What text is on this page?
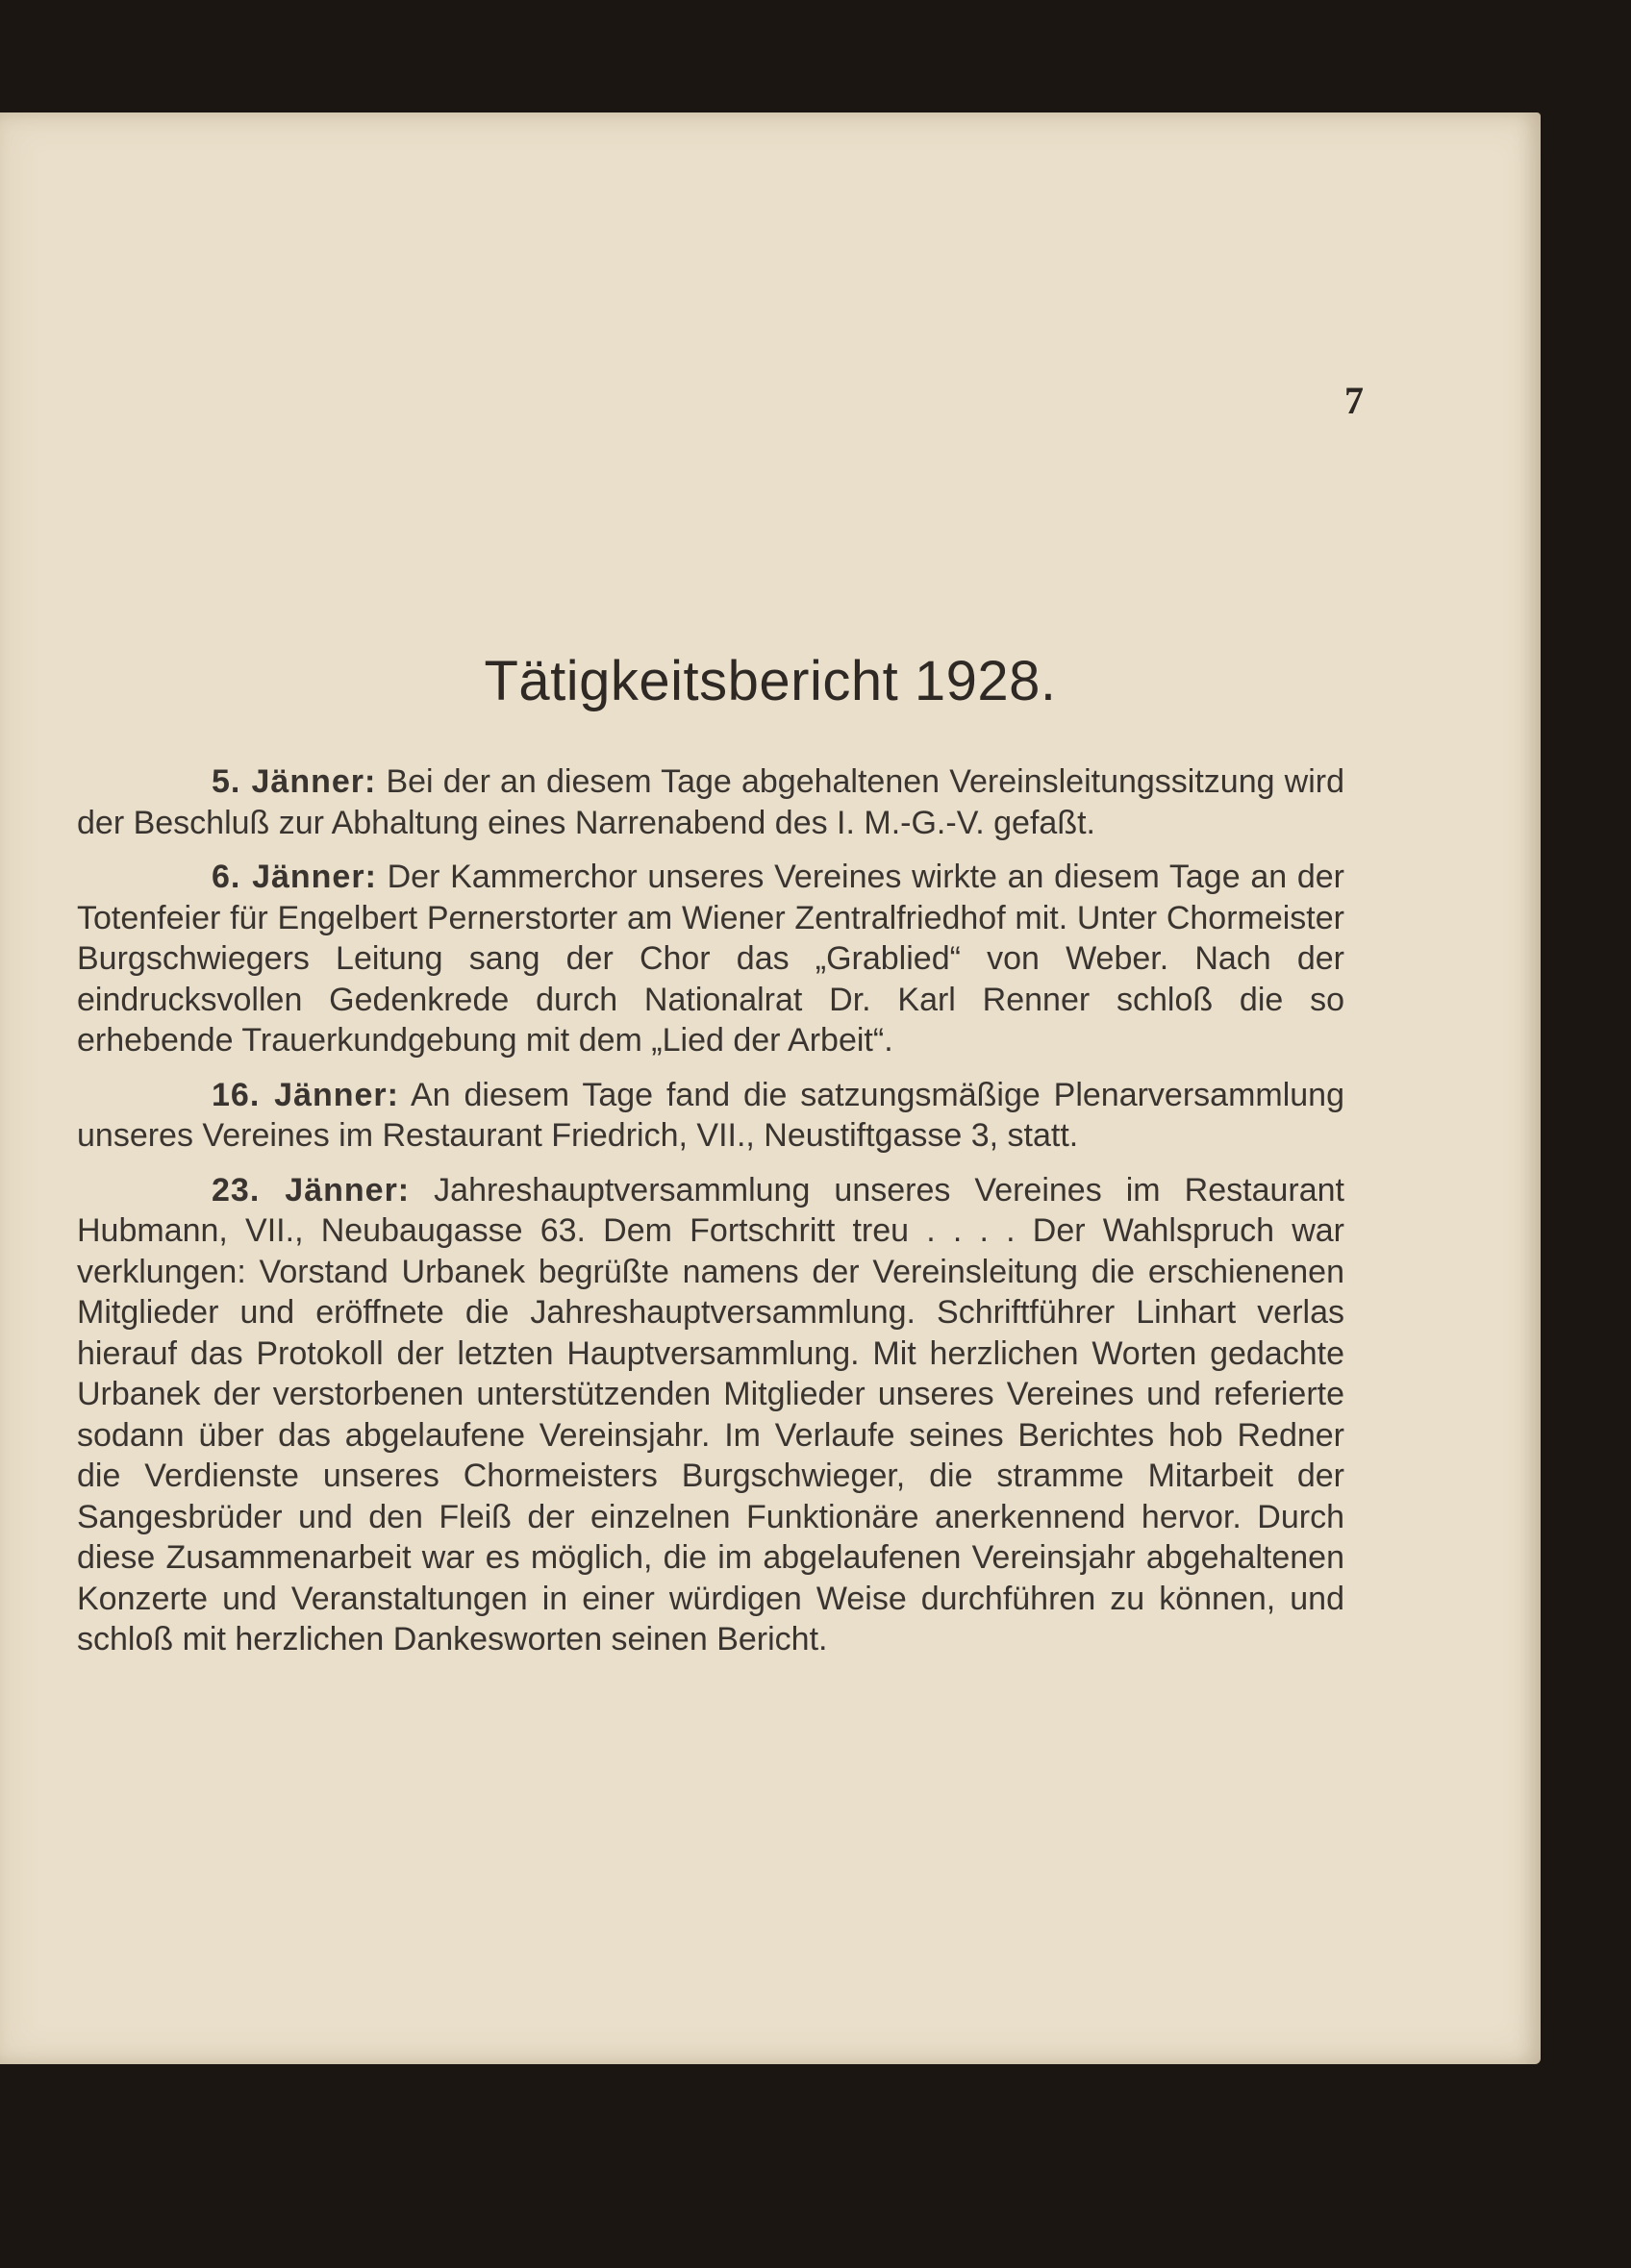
7
Tätigkeitsbericht 1928.

5. Jänner: Bei der an diesem Tage abgehaltenen Vereinsleitungssitzung wird der Beschluß zur Abhaltung eines Narrenabend des I. M.-G.-V. gefaßt.

6. Jänner: Der Kammerchor unseres Vereines wirkte an diesem Tage an der Totenfeier für Engelbert Pernerstorter am Wiener Zentralfriedhof mit. Unter Chormeister Burgschwiegers Leitung sang der Chor das „Grablied“ von Weber. Nach der eindrucksvollen Gedenkrede durch Nationalrat Dr. Karl Renner schloß die so erhebende Trauerkundgebung mit dem „Lied der Arbeit“.

16. Jänner: An diesem Tage fand die satzungsmäßige Plenarversammlung unseres Vereines im Restaurant Friedrich, VII., Neustiftgasse 3, statt.

23. Jänner: Jahreshauptversammlung unseres Vereines im Restaurant Hubmann, VII., Neubaugasse 63. Dem Fortschritt treu . . . . Der Wahlspruch war verklungen: Vorstand Urbanek begrüßte namens der Vereinsleitung die erschienenen Mitglieder und eröffnete die Jahreshauptversammlung. Schriftführer Linhart verlas hierauf das Protokoll der letzten Hauptversammlung. Mit herzlichen Worten gedachte Urbanek der verstorbenen unterstützenden Mitglieder unseres Vereines und referierte sodann über das abgelaufene Vereinsjahr. Im Verlaufe seines Berichtes hob Redner die Verdienste unseres Chormeisters Burgschwieger, die stramme Mitarbeit der Sangesbrüder und den Fleiß der einzelnen Funktionäre anerkennend hervor. Durch diese Zusammenarbeit war es möglich, die im abgelaufenen Vereinsjahr abgehaltenen Konzerte und Veranstaltungen in einer würdigen Weise durchführen zu können, und schloß mit herzlichen Dankesworten seinen Bericht.
